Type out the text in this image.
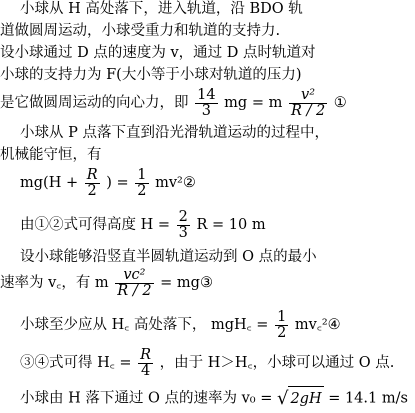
小球从 H 高处落下，进入轨道，沿 BDO 轨
道做圆周运动，小球受重力和轨道的支持力.
设小球通过 D 点的速度为 v，通过 D 点时轨道对
小球的支持力为 F(大小等于小球对轨道的压力)
是它做圆周运动的向心力，即 $\frac{14}{3}$ mg = m $\frac{\text{v²}}{R / 2}$ ①
小球从 P 点落下直到沿光滑轨道运动的过程中，
机械能守恒，有
$mg(H + \frac{R}{2}$ ) = $\frac{1}{2}$ mv²②
由①②式可得高度 $H = \frac{2}{3}$ R = 10 m
设小球能够沿竖直半圆轨道运动到 O 点的最小
速率为 v꜀，有 m $\frac{\text{vc²}}{R / 2}$ = mg③
小球至少应从 H꜀ 高处落下， mgH꜀ = $\frac{1}{2}$ mv꜀²④
③④式可得 H꜀ = $\frac{R}{4}$ ，由于 H＞H꜀，小球可以通过 O 点.
小球由 H 落下通过 O 点的速率为 v₀ = √ 2gH = 14.1 m/s
